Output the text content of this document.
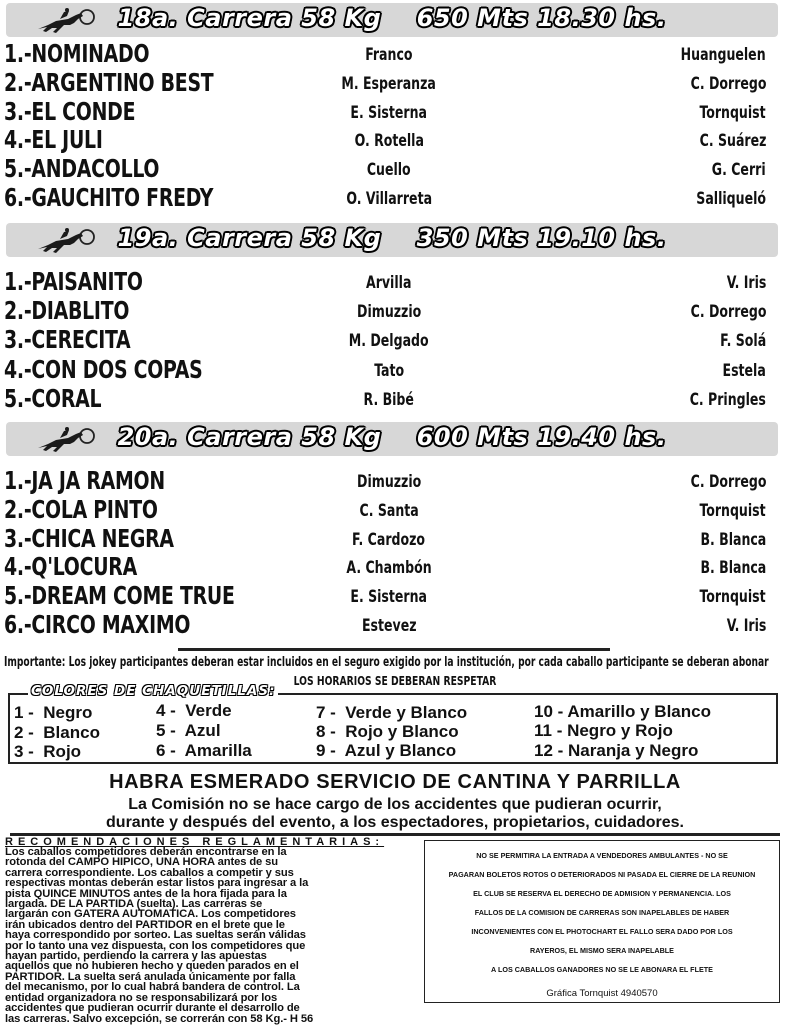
18a. Carrera 58 Kg    650 Mts 18.30 hs.
1.-NOMINADO	Franco	Huanguelen
2.-ARGENTINO BEST	M. Esperanza	C. Dorrego
3.-EL CONDE	E. Sisterna	Tornquist
4.-EL JULI	O. Rotella	C. Suárez
5.-ANDACOLLO	Cuello	G. Cerri
6.-GAUCHITO FREDY	O. Villarreta	Salliqueló
19a. Carrera 58 Kg    350 Mts 19.10 hs.
1.-PAISANITO	Arvilla	V. Iris
2.-DIABLITO	Dimuzzio	C. Dorrego
3.-CERECITA	M. Delgado	F. Solá
4.-CON DOS COPAS	Tato	Estela
5.-CORAL	R. Bibé	C. Pringles
20a. Carrera 58 Kg    600 Mts 19.40 hs.
1.-JA JA RAMON	Dimuzzio	C. Dorrego
2.-COLA PINTO	C. Santa	Tornquist
3.-CHICA NEGRA	F. Cardozo	B. Blanca
4.-Q'LOCURA	A. Chambón	B. Blanca
5.-DREAM COME TRUE	E. Sisterna	Tornquist
6.-CIRCO MAXIMO	Estevez	V. Iris
Importante: Los jokey participantes deberan estar incluidos en el seguro exigido por la institución, por cada caballo participante se deberan abonar
LOS HORARIOS SE DEBERAN RESPETAR
COLORES DE CHAQUETILLAS:
1 -  Negro
2 -  Blanco
3 -  Rojo
4 -  Verde
5 -  Azul
6 -  Amarilla
7 -  Verde y Blanco
8 -  Rojo y Blanco
9 -  Azul y Blanco
10 - Amarillo y Blanco
11 - Negro y Rojo
12 - Naranja y Negro
HABRA ESMERADO SERVICIO DE CANTINA Y PARRILLA
La Comisión no se hace cargo de los accidentes que pudieran ocurrir,
durante y después del evento, a los espectadores, propietarios, cuidadores.
RECOMENDACIONES REGLAMENTARIAS:

Los caballos competidores deberán encontrarse en la

rotonda del CAMPO HIPICO, UNA HORA antes de su

carrera correspondiente. Los caballos a competir y sus

respectivas montas deberán estar listos para ingresar a la

pista QUINCE MINUTOS antes de la hora fijada para la

largada. DE LA PARTIDA (suelta). Las carreras se

largarán con GATERA AUTOMATICA. Los competidores

irán ubicados dentro del PARTIDOR en el brete que le

haya correspondido por sorteo. Las sueltas serán válidas

por lo tanto una vez dispuesta, con los competidores que

hayan partido, perdiendo la carrera y las apuestas

aquellos que no hubieren hecho y queden parados en el

PARTIDOR. La suelta será anulada únicamente por falla

del mecanismo, por lo cual habrá bandera de control. La

entidad organizadora no se responsabilizará por los

accidentes que pudieran ocurrir durante el desarrollo de

las carreras. Salvo excepción, se correrán con 58 Kg.- H 56

NO SE PERMITIRA LA ENTRADA A VENDEDORES AMBULANTES - NO SE
PAGARAN BOLETOS ROTOS O DETERIORADOS NI PASADA EL CIERRE DE LA REUNION
EL CLUB SE RESERVA EL DERECHO DE ADMISION Y PERMANENCIA. LOS
FALLOS DE LA COMISION DE CARRERAS SON INAPELABLES DE HABER
INCONVENIENTES CON EL PHOTOCHART EL FALLO SERA DADO POR LOS
RAYEROS, EL MISMO SERA INAPELABLE
A LOS CABALLOS GANADORES NO SE LE ABONARA EL FLETE
Gráfica Tornquist 4940570
